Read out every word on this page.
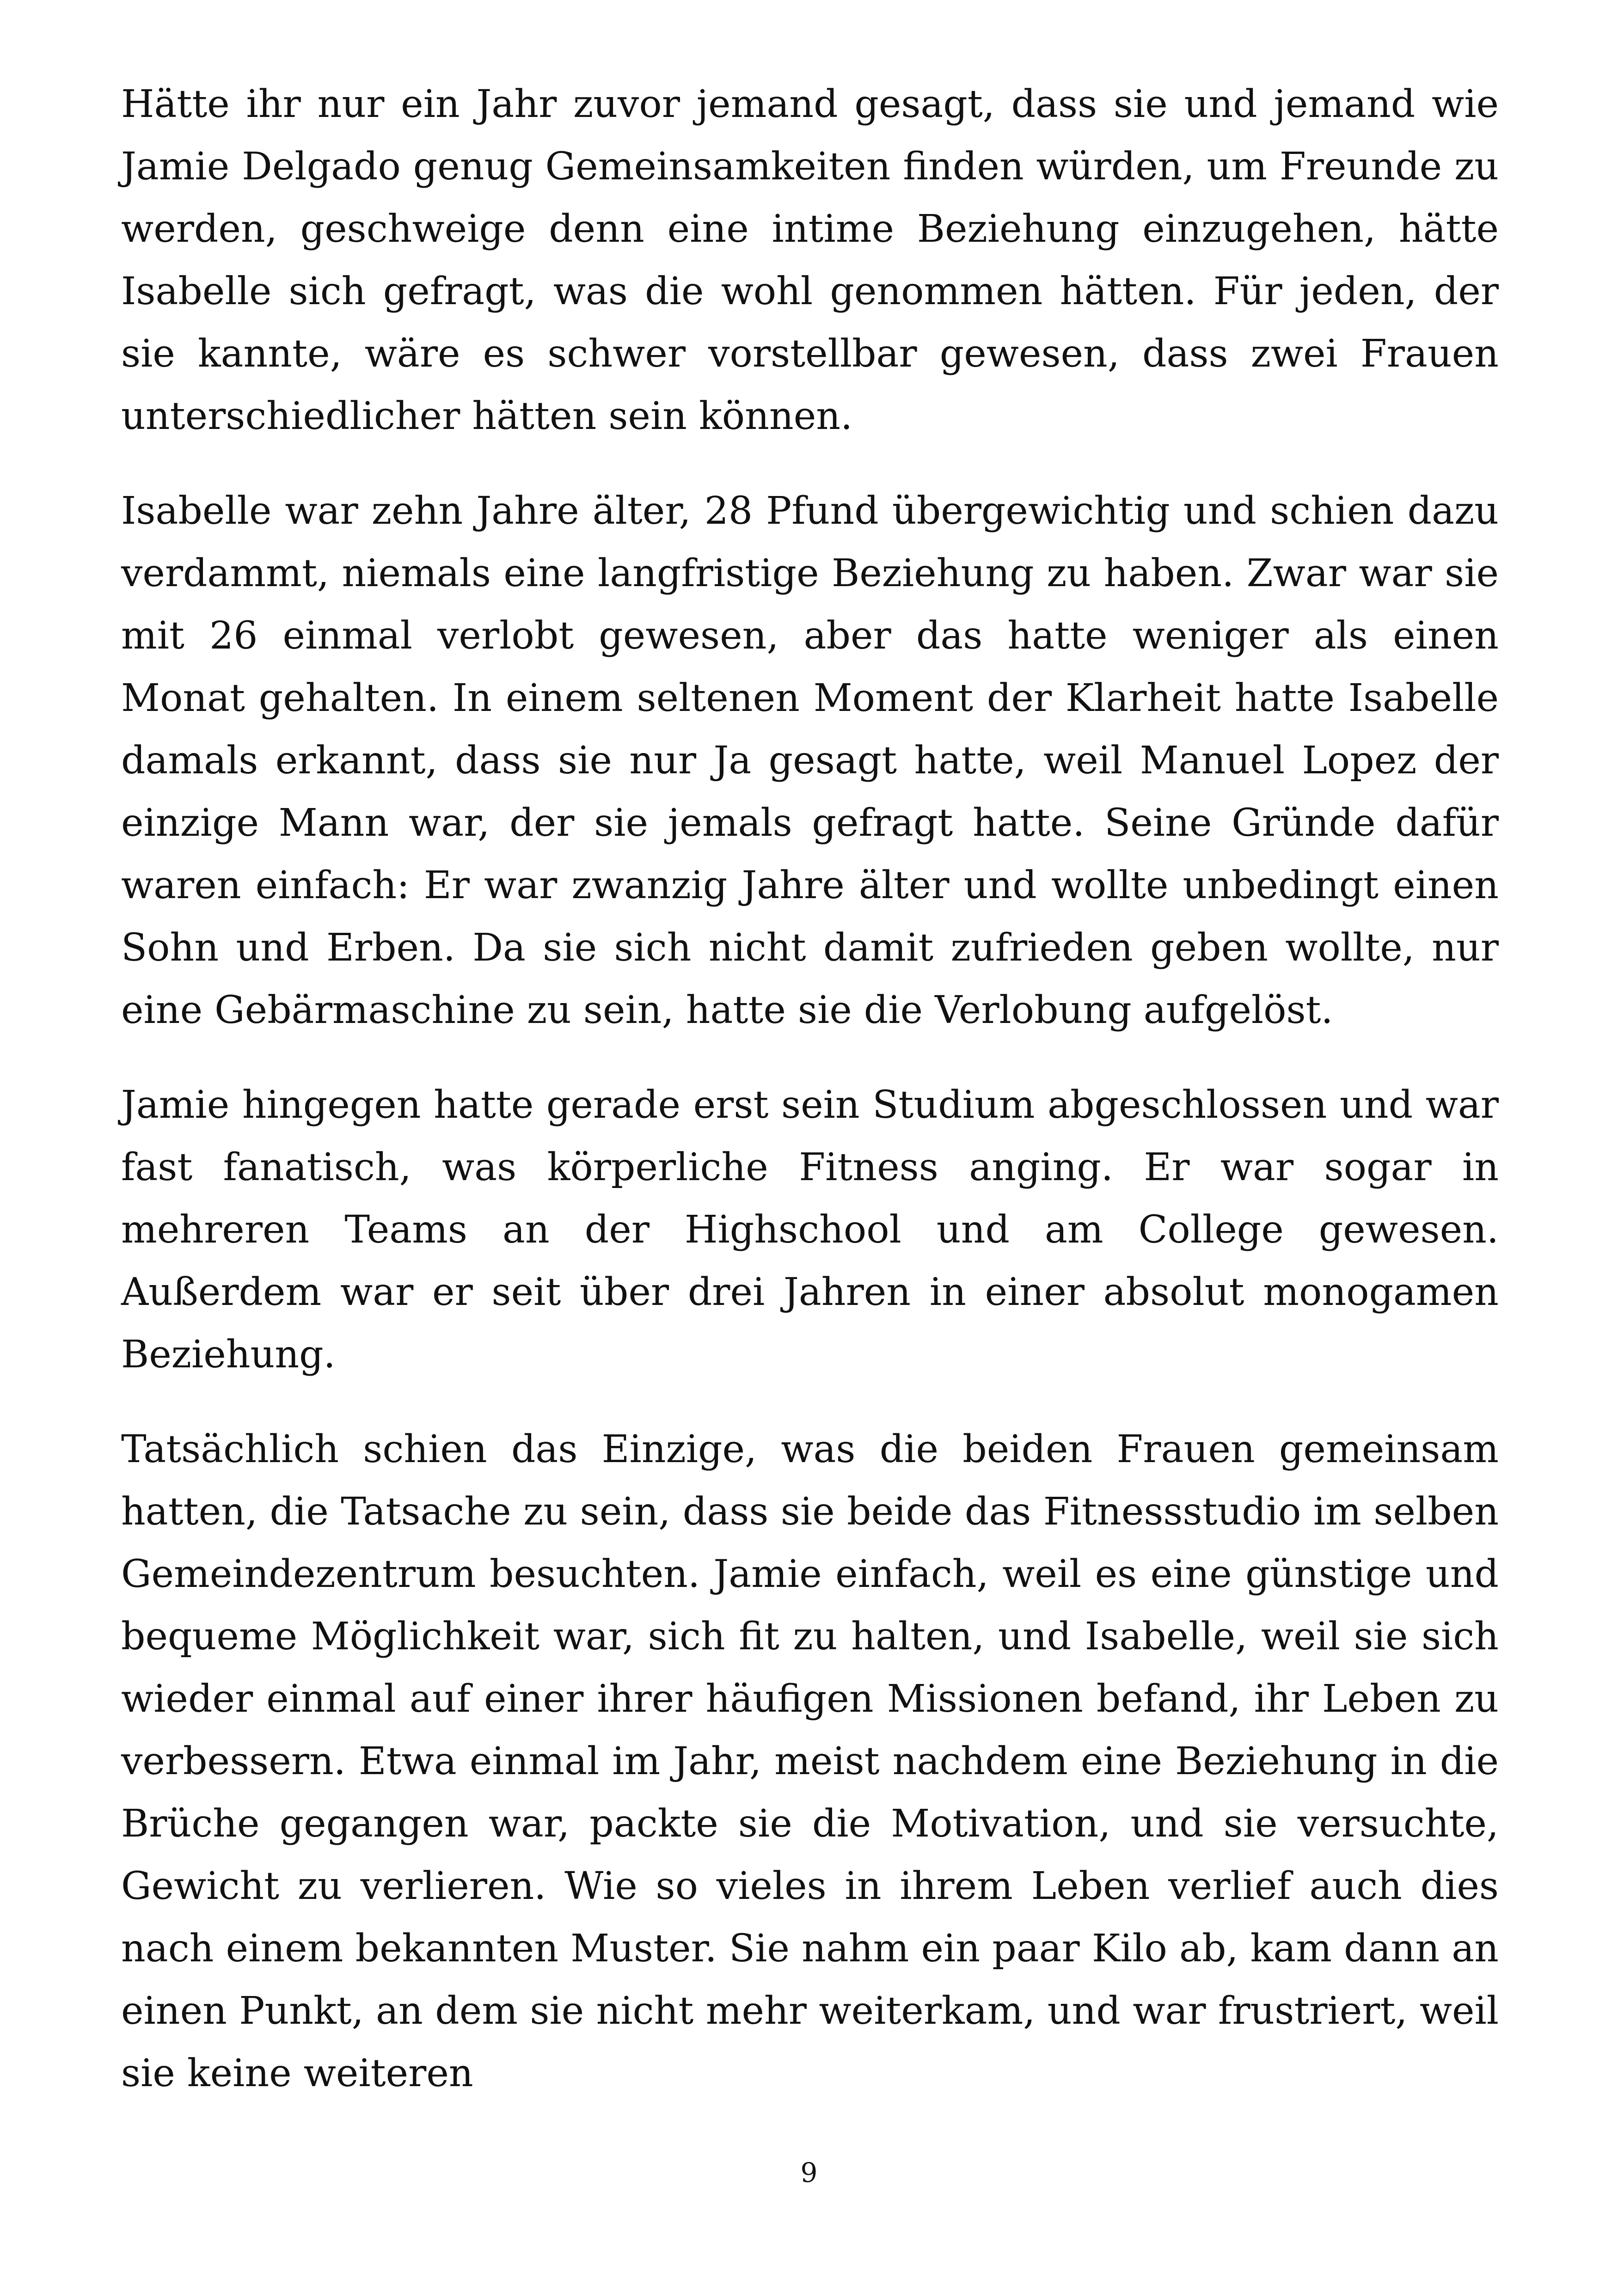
Hätte ihr nur ein Jahr zuvor jemand gesagt, dass sie und jemand wie Jamie Delgado genug Gemeinsamkeiten finden würden, um Freunde zu werden, geschweige denn eine intime Beziehung einzugehen, hätte Isabelle sich gefragt, was die wohl genommen hätten. Für jeden, der sie kannte, wäre es schwer vorstellbar gewesen, dass zwei Frauen unterschiedlicher hätten sein können.

Isabelle war zehn Jahre älter, 28 Pfund übergewichtig und schien dazu verdammt, niemals eine langfristige Beziehung zu haben. Zwar war sie mit 26 einmal verlobt gewesen, aber das hatte weniger als einen Monat gehalten. In einem seltenen Moment der Klarheit hatte Isabelle damals erkannt, dass sie nur Ja gesagt hatte, weil Manuel Lopez der einzige Mann war, der sie jemals gefragt hatte. Seine Gründe dafür waren einfach: Er war zwanzig Jahre älter und wollte unbedingt einen Sohn und Erben. Da sie sich nicht damit zufrieden geben wollte, nur eine Gebärmaschine zu sein, hatte sie die Verlobung aufgelöst.

Jamie hingegen hatte gerade erst sein Studium abgeschlossen und war fast fanatisch, was körperliche Fitness anging. Er war sogar in mehreren Teams an der Highschool und am College gewesen. Außerdem war er seit über drei Jahren in einer absolut monogamen Beziehung.

Tatsächlich schien das Einzige, was die beiden Frauen gemeinsam hatten, die Tatsache zu sein, dass sie beide das Fitnessstudio im selben Gemeindezentrum besuchten. Jamie einfach, weil es eine günstige und bequeme Möglichkeit war, sich fit zu halten, und Isabelle, weil sie sich wieder einmal auf einer ihrer häufigen Missionen befand, ihr Leben zu verbessern. Etwa einmal im Jahr, meist nachdem eine Beziehung in die Brüche gegangen war, packte sie die Motivation, und sie versuchte, Gewicht zu verlieren. Wie so vieles in ihrem Leben verlief auch dies nach einem bekannten Muster. Sie nahm ein paar Kilo ab, kam dann an einen Punkt, an dem sie nicht mehr weiterkam, und war frustriert, weil sie keine weiteren

9
